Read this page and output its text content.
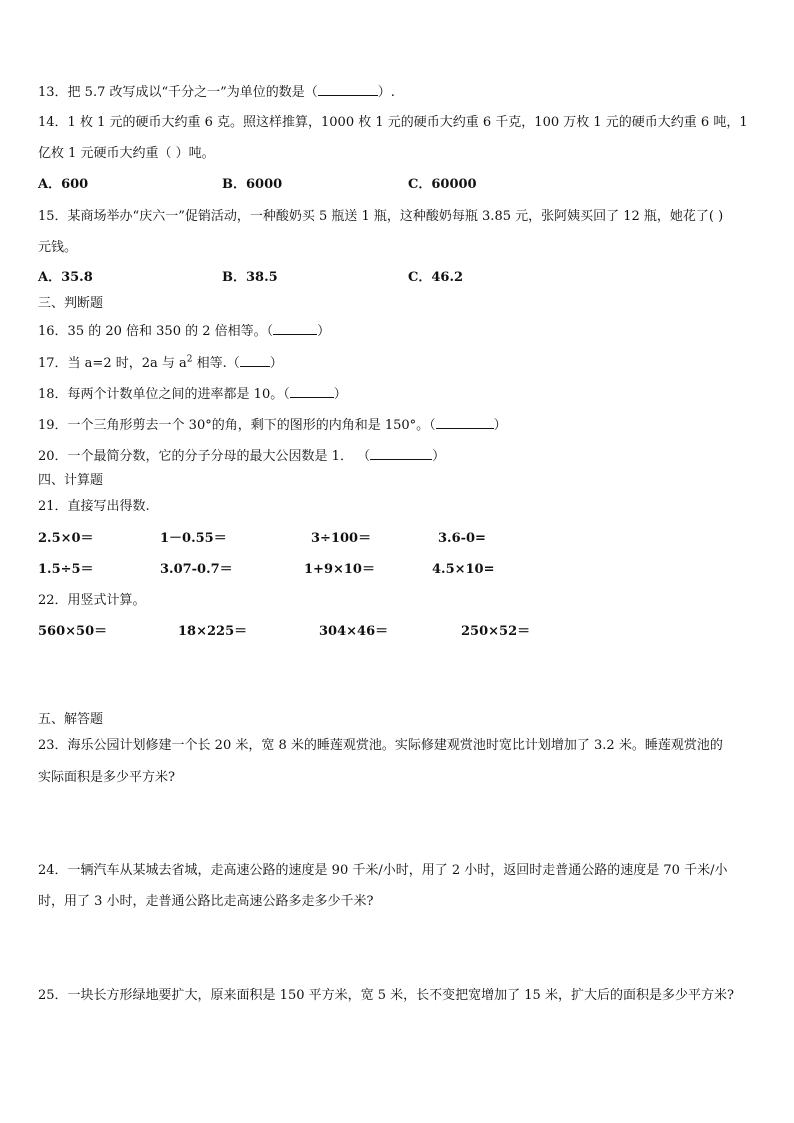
13．把 5.7 改写成以“千分之一”为单位的数是（	）.
14．1 枚 1 元的硬币大约重 6 克。照这样推算，1000 枚 1 元的硬币大约重 6 千克，100 万枚 1 元的硬币大约重 6 吨，1
亿枚 1 元硬币大约重（ ）吨。
A．600	B．6000	C．60000
15．某商场举办“庆六一”促销活动，一种酸奶买 5 瓶送 1 瓶，这种酸奶每瓶 3.85 元，张阿姨买回了 12 瓶，她花了( )
元钱。
A．35.8	B．38.5	C．46.2
三、判断题
16．35 的 20 倍和 350 的 2 倍相等。（	）
17．当 a=2 时，2a 与 $a^2$ 相等.（ ）
18．每两个计数单位之间的进率都是 10。（	）
19．一个三角形剪去一个 30°的角，剩下的图形的内角和是 150°。（	）
20．一个最简分数，它的分子分母的最大公因数是 1． （	）
四、计算题
21．直接写出得数.
2.5×0＝	1－0.55＝	3÷100＝	3.6-0=
1.5÷5＝	3.07-0.7＝	1+9×10＝	4.5×10=
22．用竖式计算。
560×50＝	18×225＝	304×46＝	250×52＝
五、解答题
23．海乐公园计划修建一个长 20 米，宽 8 米的睡莲观赏池。实际修建观赏池时宽比计划增加了 3.2 米。睡莲观赏池的
实际面积是多少平方米?
24．一辆汽车从某城去省城，走高速公路的速度是 90 千米/小时，用了 2 小时，返回时走普通公路的速度是 70 千米/小
时，用了 3 小时，走普通公路比走高速公路多走多少千米?
25．一块长方形绿地要扩大，原来面积是 150 平方米，宽 5 米，长不变把宽增加了 15 米，扩大后的面积是多少平方米?
